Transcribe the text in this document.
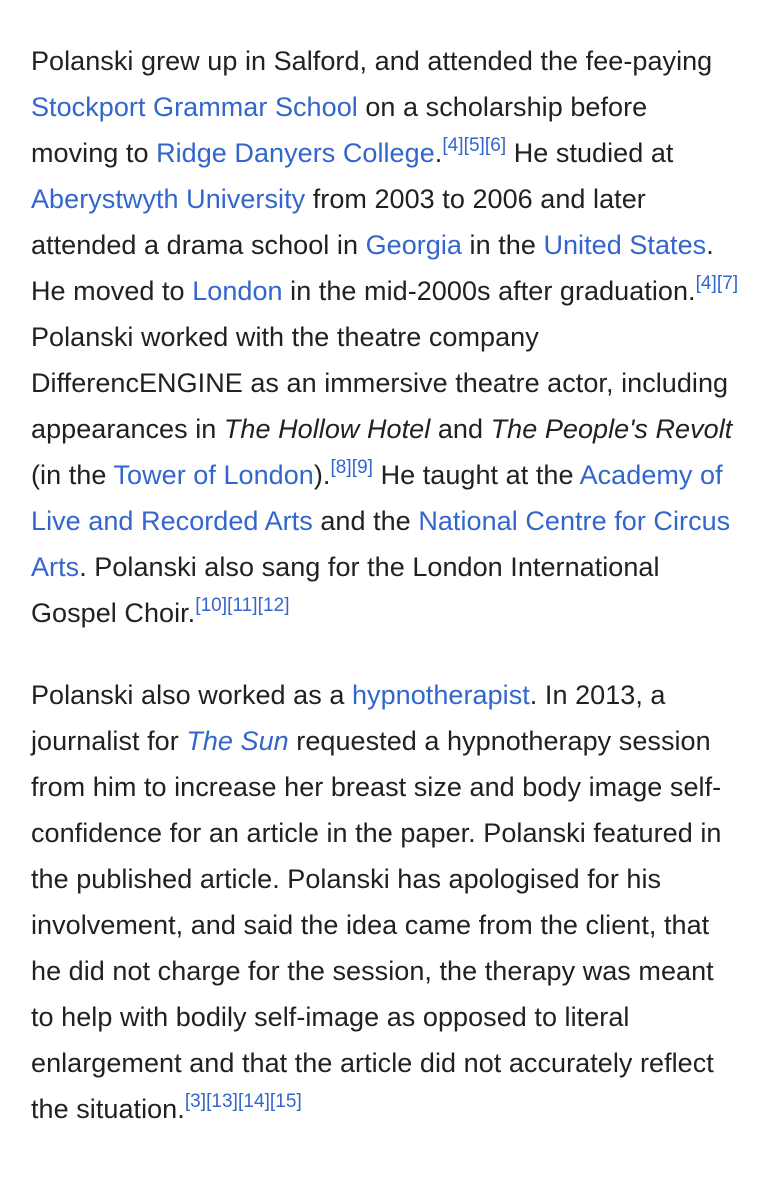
Polanski grew up in Salford, and attended the fee-paying Stockport Grammar School on a scholarship before moving to Ridge Danyers College.[4][5][6] He studied at Aberystwyth University from 2003 to 2006 and later attended a drama school in Georgia in the United States. He moved to London in the mid-2000s after graduation.[4][7] Polanski worked with the theatre company DifferencENGINE as an immersive theatre actor, including appearances in The Hollow Hotel and The People's Revolt (in the Tower of London).[8][9] He taught at the Academy of Live and Recorded Arts and the National Centre for Circus Arts. Polanski also sang for the London International Gospel Choir.[10][11][12]

Polanski also worked as a hypnotherapist. In 2013, a journalist for The Sun requested a hypnotherapy session from him to increase her breast size and body image self-confidence for an article in the paper. Polanski featured in the published article. Polanski has apologised for his involvement, and said the idea came from the client, that he did not charge for the session, the therapy was meant to help with bodily self-image as opposed to literal enlargement and that the article did not accurately reflect the situation.[3][13][14][15]
